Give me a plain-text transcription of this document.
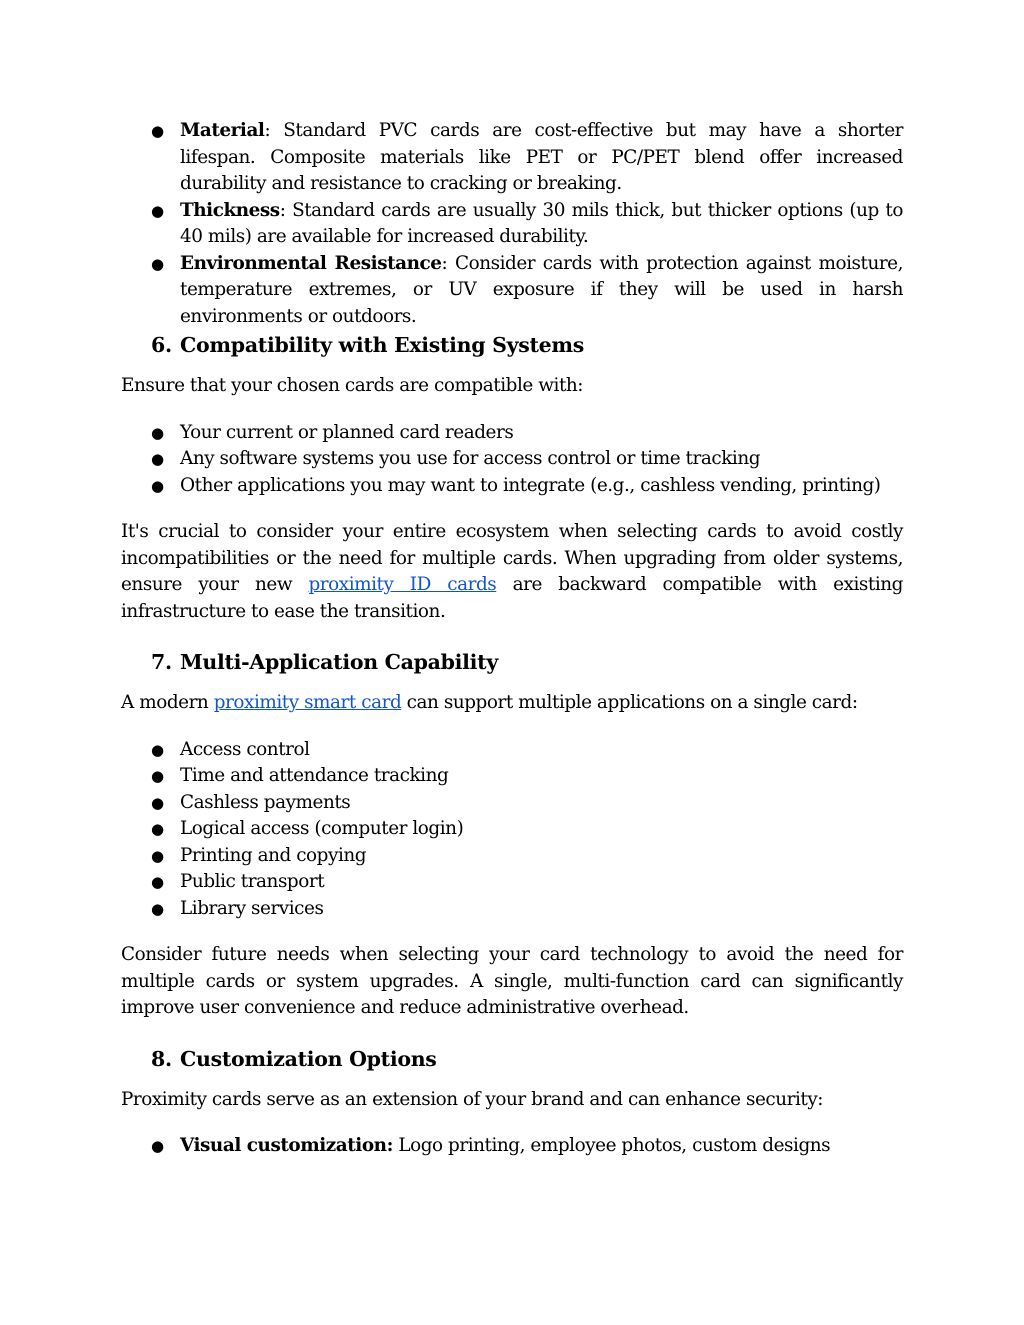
● Material: Standard PVC cards are cost-effective but may have a shorter lifespan. Composite materials like PET or PC/PET blend offer increased durability and resistance to cracking or breaking.
● Thickness: Standard cards are usually 30 mils thick, but thicker options (up to 40 mils) are available for increased durability.
● Environmental Resistance: Consider cards with protection against moisture, temperature extremes, or UV exposure if they will be used in harsh environments or outdoors.
6. Compatibility with Existing Systems

Ensure that your chosen cards are compatible with:

● Your current or planned card readers
● Any software systems you use for access control or time tracking
● Other applications you may want to integrate (e.g., cashless vending, printing)

It's crucial to consider your entire ecosystem when selecting cards to avoid costly incompatibilities or the need for multiple cards. When upgrading from older systems, ensure your new proximity ID cards are backward compatible with existing infrastructure to ease the transition.

7. Multi-Application Capability

A modern proximity smart card can support multiple applications on a single card:

● Access control
● Time and attendance tracking
● Cashless payments
● Logical access (computer login)
● Printing and copying
● Public transport
● Library services

Consider future needs when selecting your card technology to avoid the need for multiple cards or system upgrades. A single, multi-function card can significantly improve user convenience and reduce administrative overhead.

8. Customization Options

Proximity cards serve as an extension of your brand and can enhance security:

● Visual customization: Logo printing, employee photos, custom designs
